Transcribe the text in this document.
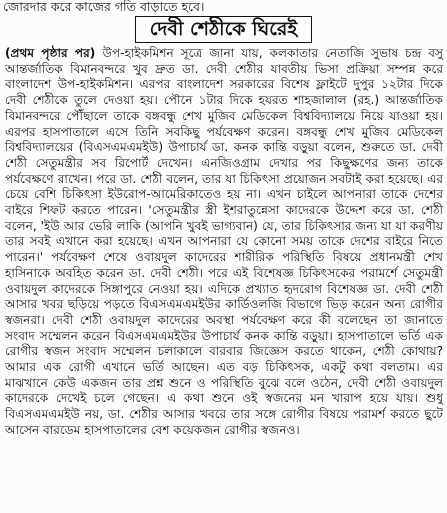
জোরদার করে কাজের গতি বাড়াতে হবে।
দেবী শেঠীকে ঘিরেই
(প্রথম পৃষ্ঠার পর) উপ-হাইকমিশন সূত্রে জানা যায়, কলকাতার নেতাজি সুভাষ চন্দ্র বসু আন্তর্জাতিক বিমানবন্দরে খুব দ্রুত ডা. দেবী শেঠীর যাবতীয় ভিসা প্রক্রিয়া সম্পন্ন করে বাংলাদেশ উপ-হাইকমিশন। এরপর বাংলাদেশ সরকারের বিশেষ ফ্লাইটে দুপুর ১২টার দিকে দেবী শেঠীকে তুলে দেওয়া হয়। পৌনে ১টার দিকে হযরত শাহজালাল (রহ.) আন্তর্জাতিক বিমানবন্দরে পৌঁছালে তাকে বঙ্গবন্ধু শেখ মুজিব মেডিকেল বিশ্ববিদ্যালয়ে নিয়ে যাওয়া হয়। এরপর হাসপাতালে এসে তিনি সবকিছু পর্যবেক্ষণ করেন। বঙ্গবন্ধু শেখ মুজিব মেডিকেল বিশ্ববিদ্যালয়ের (বিএসএমএমইউ) উপাচার্য ডা. কনক কান্তি বড়ুয়া বলেন, শুরুতে ডা. দেবী শেঠী সেতুমন্ত্রীর সব রিপোর্ট দেখেন। এনজিওগ্রাম দেখার পর কিছুক্ষণের জন্য তাকে পর্যবেক্ষণে রাখেন। পরে ডা. শেঠী বলেন, তার যা চিকিৎসা প্রয়োজন সবটাই করা হয়েছে। এর চেয়ে বেশি চিকিৎসা ইউরোপ-আমেরিকাতেও হয় না। এখন চাইলে আপনারা তাকে দেশের বাইরে শিফট করতে পারেন। 'সেতুমন্ত্রীর স্ত্রী ইশরাতুন্নেসা কাদেরকে উদ্দেশ করে ডা. শেঠী বলেন, 'ইউ আর ভেরি লাকি (আপনি খুবই ভাগ্যবান) যে, তার চিকিৎসার জন্য যা যা করণীয় তার সবই এখানে করা হয়েছে। এখন আপনারা যে কোনো সময় তাকে দেশের বাইরে নিতে পারেন।' পর্যবেক্ষণ শেষে ওবায়দুল কাদেরের শারীরিক পরিস্থিতি বিষয়ে প্রধানমন্ত্রী শেখ হাসিনাকে অবহিত করেন ডা. দেবী শেঠী। পরে এই বিশেষজ্ঞ চিকিৎসকের পরামর্শে সেতুমন্ত্রী ওবায়দুল কাদেরকে সিঙ্গাপুরে নেওয়া হয়। এদিকে প্রখ্যাত হৃদরোগ বিশেষজ্ঞ ডা. দেবী শেঠী আসার খবর ছড়িয়ে পড়তে বিএসএমএমইউর কার্ডিওলজি বিভাগে ভিড় করেন অন্য রোগীর স্বজনরা। দেবী শেঠী ওবায়দুল কাদেরের অবস্থা পর্যবেক্ষণ করে কী বলেছেন তা জানাতে সংবাদ সম্মেলন করেন বিএসএমএমইউর উপাচার্য কনক কান্তি বড়ুয়া। হাসপাতালে ভর্তি এক রোগীর স্বজন সংবাদ সম্মেলন চলাকালে বারবার জিজ্ঞেস করতে থাকেন, শেঠী কোথায়? আমার এক রোগী এখানে ভর্তি আছেন। এত বড় চিকিৎসক, একটু কথা বলতাম। এর মাঝখানে কেউ একজন তার প্রশ্ন শুনে ও পরিস্থিতি বুঝে বলে ওঠেন, দেবী শেঠী ওবায়দুল কাদেরকে দেখেই চলে গেছেন। এ কথা শুনে ওই স্বজনের মন খারাপ হয়ে যায়। শুধু বিএসএমএমইউ নয়, ডা. শেঠীর আসার খবরে তার সঙ্গে রোগীর বিষয়ে পরামর্শ করতে ছুটে আসেন বারডেম হাসপাতালের বেশ কয়েকজন রোগীর স্বজনও।
